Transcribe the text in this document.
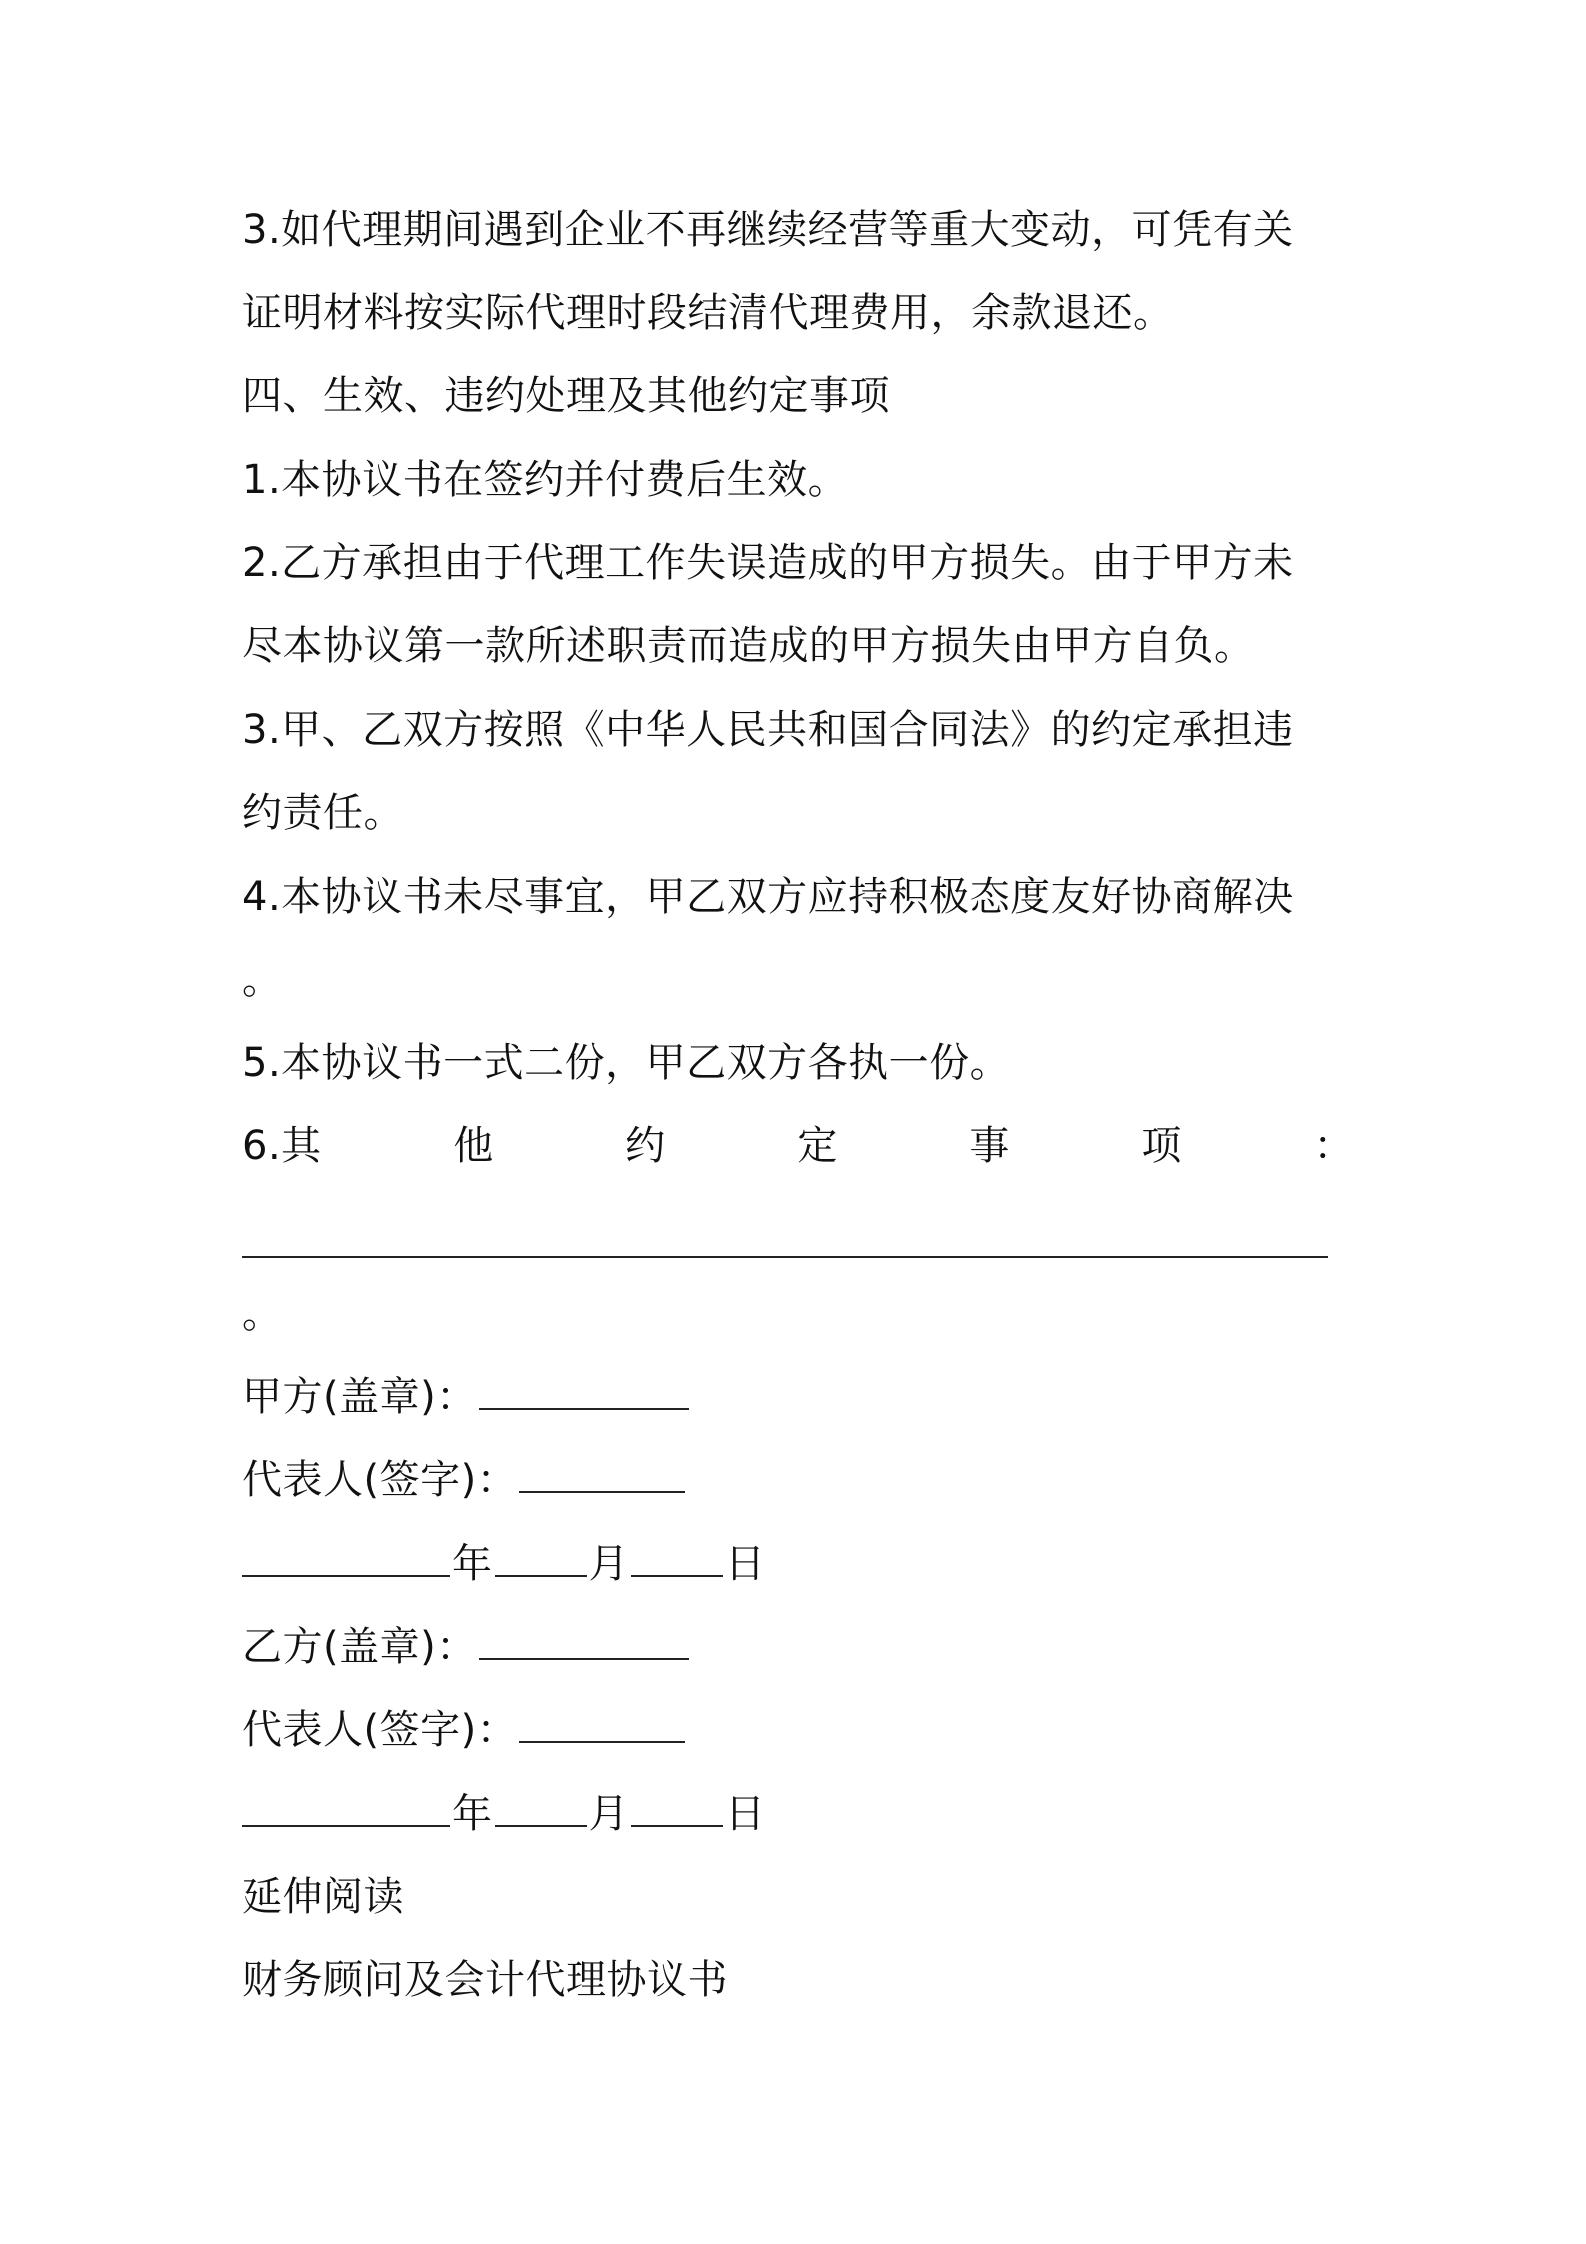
3.如代理期间遇到企业不再继续经营等重大变动，可凭有关
证明材料按实际代理时段结清代理费用，余款退还。
四、生效、违约处理及其他约定事项
1.本协议书在签约并付费后生效。
2.乙方承担由于代理工作失误造成的甲方损失。由于甲方未
尽本协议第一款所述职责而造成的甲方损失由甲方自负。
3.甲、乙双方按照《中华人民共和国合同法》的约定承担违
约责任。
4.本协议书未尽事宜，甲乙双方应持积极态度友好协商解决
。
5.本协议书一式二份，甲乙双方各执一份。
6.其	他	约	定	事	项	：
。
甲方(盖章)：
代表人(签字)：
年 月 日
乙方(盖章)：
代表人(签字)：
年 月 日
延伸阅读
财务顾问及会计代理协议书
